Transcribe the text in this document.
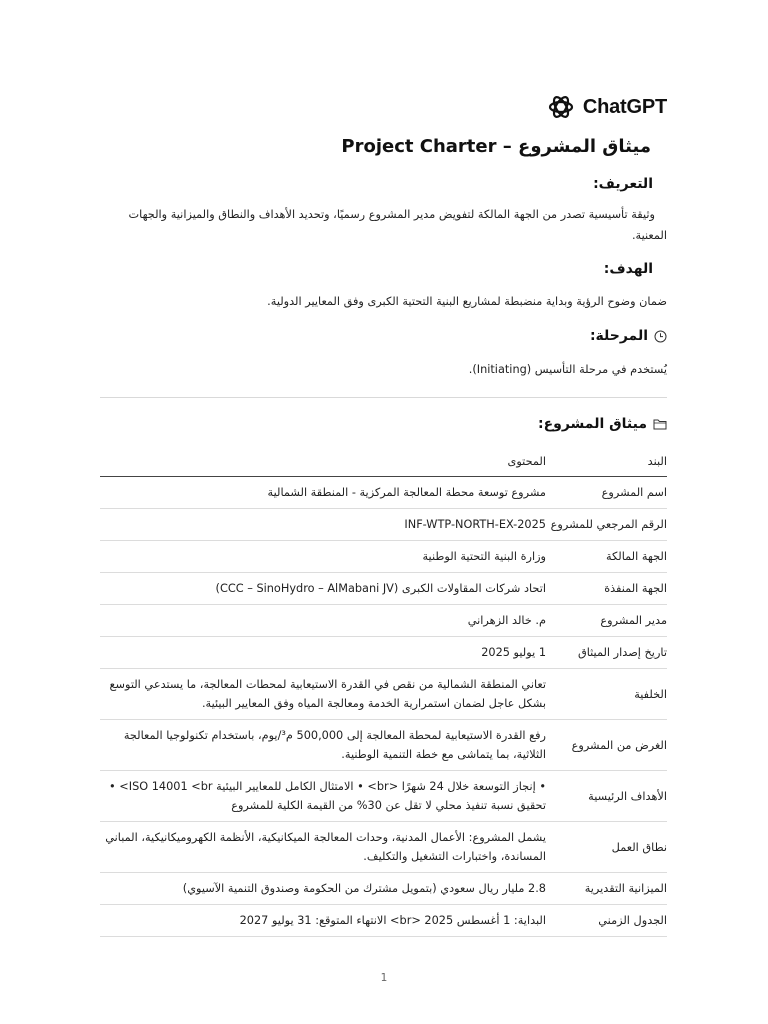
ChatGPT
ميثاق المشروع – Project Charter
التعريف:
وثيقة تأسيسية تصدر من الجهة المالكة لتفويض مدير المشروع رسميًا، وتحديد الأهداف والنطاق والميزانية والجهات المعنية.
الهدف:
ضمان وضوح الرؤية وبداية منضبطة لمشاريع البنية التحتية الكبرى وفق المعايير الدولية.
المرحلة:
يُستخدم في مرحلة التأسيس (Initiating).
ميثاق المشروع:
البند	المحتوى
اسم المشروع	مشروع توسعة محطة المعالجة المركزية - المنطقة الشمالية
الرقم المرجعي للمشروع	INF-WTP-NORTH-EX-2025
الجهة المالكة	وزارة البنية التحتية الوطنية
الجهة المنفذة	اتحاد شركات المقاولات الكبرى (CCC – SinoHydro – AlMabani JV)
مدير المشروع	م. خالد الزهراني
تاريخ إصدار الميثاق	1 يوليو 2025
الخلفية	تعاني المنطقة الشمالية من نقص في القدرة الاستيعابية لمحطات المعالجة، ما يستدعي التوسع بشكل عاجل لضمان استمرارية الخدمة ومعالجة المياه وفق المعايير البيئية.
الغرض من المشروع	رفع القدرة الاستيعابية لمحطة المعالجة إلى 500,000 م³/يوم، باستخدام تكنولوجيا المعالجة الثلاثية، بما يتماشى مع خطة التنمية الوطنية.
الأهداف الرئيسية	• إنجاز التوسعة خلال 24 شهرًا <br> • الامتثال الكامل للمعايير البيئية ISO 14001 <br> • تحقيق نسبة تنفيذ محلي لا تقل عن 30% من القيمة الكلية للمشروع
نطاق العمل	يشمل المشروع: الأعمال المدنية، وحدات المعالجة الميكانيكية، الأنظمة الكهروميكانيكية، المباني المساندة، واختبارات التشغيل والتكليف.
الميزانية التقديرية	2.8 مليار ريال سعودي (بتمويل مشترك من الحكومة وصندوق التنمية الآسيوي)
الجدول الزمني	البداية: 1 أغسطس 2025 <br> الانتهاء المتوقع: 31 يوليو 2027
1
